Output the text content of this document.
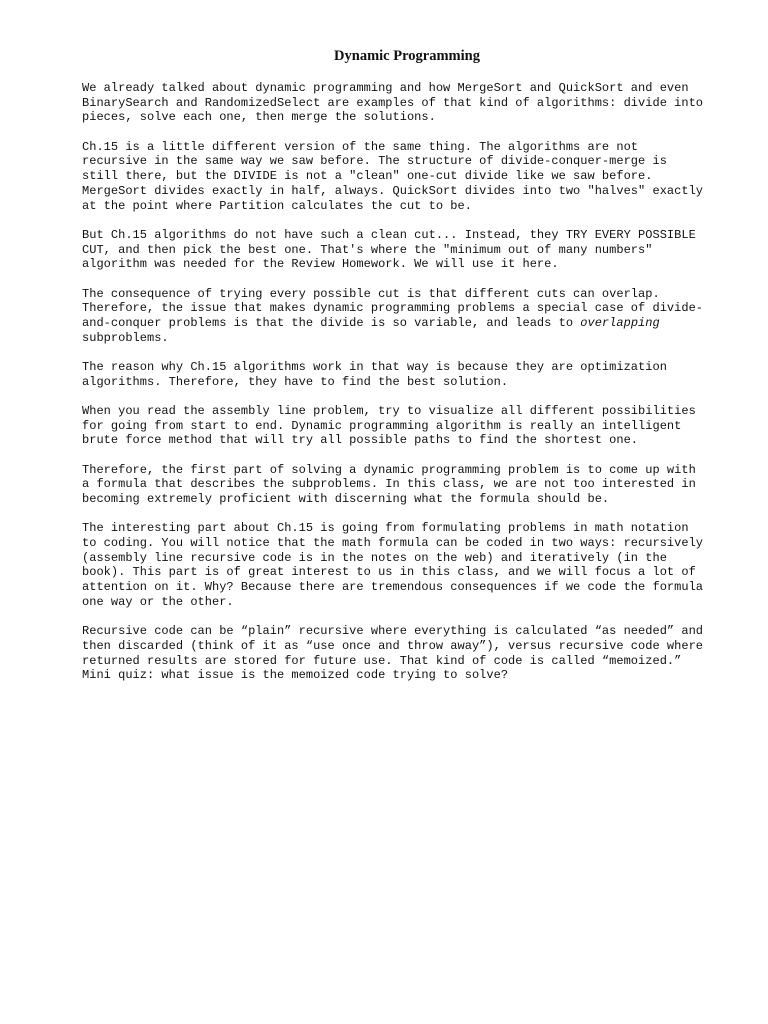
Dynamic Programming
We already talked about dynamic programming and how MergeSort and QuickSort and even
BinarySearch and RandomizedSelect are examples of that kind of algorithms: divide into
pieces, solve each one, then merge the solutions.
Ch.15 is a little different version of the same thing. The algorithms are not
recursive in the same way we saw before. The structure of divide-conquer-merge is
still there, but the DIVIDE is not a "clean" one-cut divide like we saw before.
MergeSort divides exactly in half, always. QuickSort divides into two "halves" exactly
at the point where Partition calculates the cut to be.
But Ch.15 algorithms do not have such a clean cut... Instead, they TRY EVERY POSSIBLE
CUT, and then pick the best one. That's where the "minimum out of many numbers"
algorithm was needed for the Review Homework. We will use it here.
The consequence of trying every possible cut is that different cuts can overlap.
Therefore, the issue that makes dynamic programming problems a special case of divide-
and-conquer problems is that the divide is so variable, and leads to overlapping
subproblems.
The reason why Ch.15 algorithms work in that way is because they are optimization
algorithms. Therefore, they have to find the best solution.
When you read the assembly line problem, try to visualize all different possibilities
for going from start to end. Dynamic programming algorithm is really an intelligent
brute force method that will try all possible paths to find the shortest one.
Therefore, the first part of solving a dynamic programming problem is to come up with
a formula that describes the subproblems. In this class, we are not too interested in
becoming extremely proficient with discerning what the formula should be.
The interesting part about Ch.15 is going from formulating problems in math notation
to coding. You will notice that the math formula can be coded in two ways: recursively
(assembly line recursive code is in the notes on the web) and iteratively (in the
book). This part is of great interest to us in this class, and we will focus a lot of
attention on it. Why? Because there are tremendous consequences if we code the formula
one way or the other.
Recursive code can be “plain” recursive where everything is calculated “as needed” and
then discarded (think of it as “use once and throw away”), versus recursive code where
returned results are stored for future use. That kind of code is called “memoized.”
Mini quiz: what issue is the memoized code trying to solve?
